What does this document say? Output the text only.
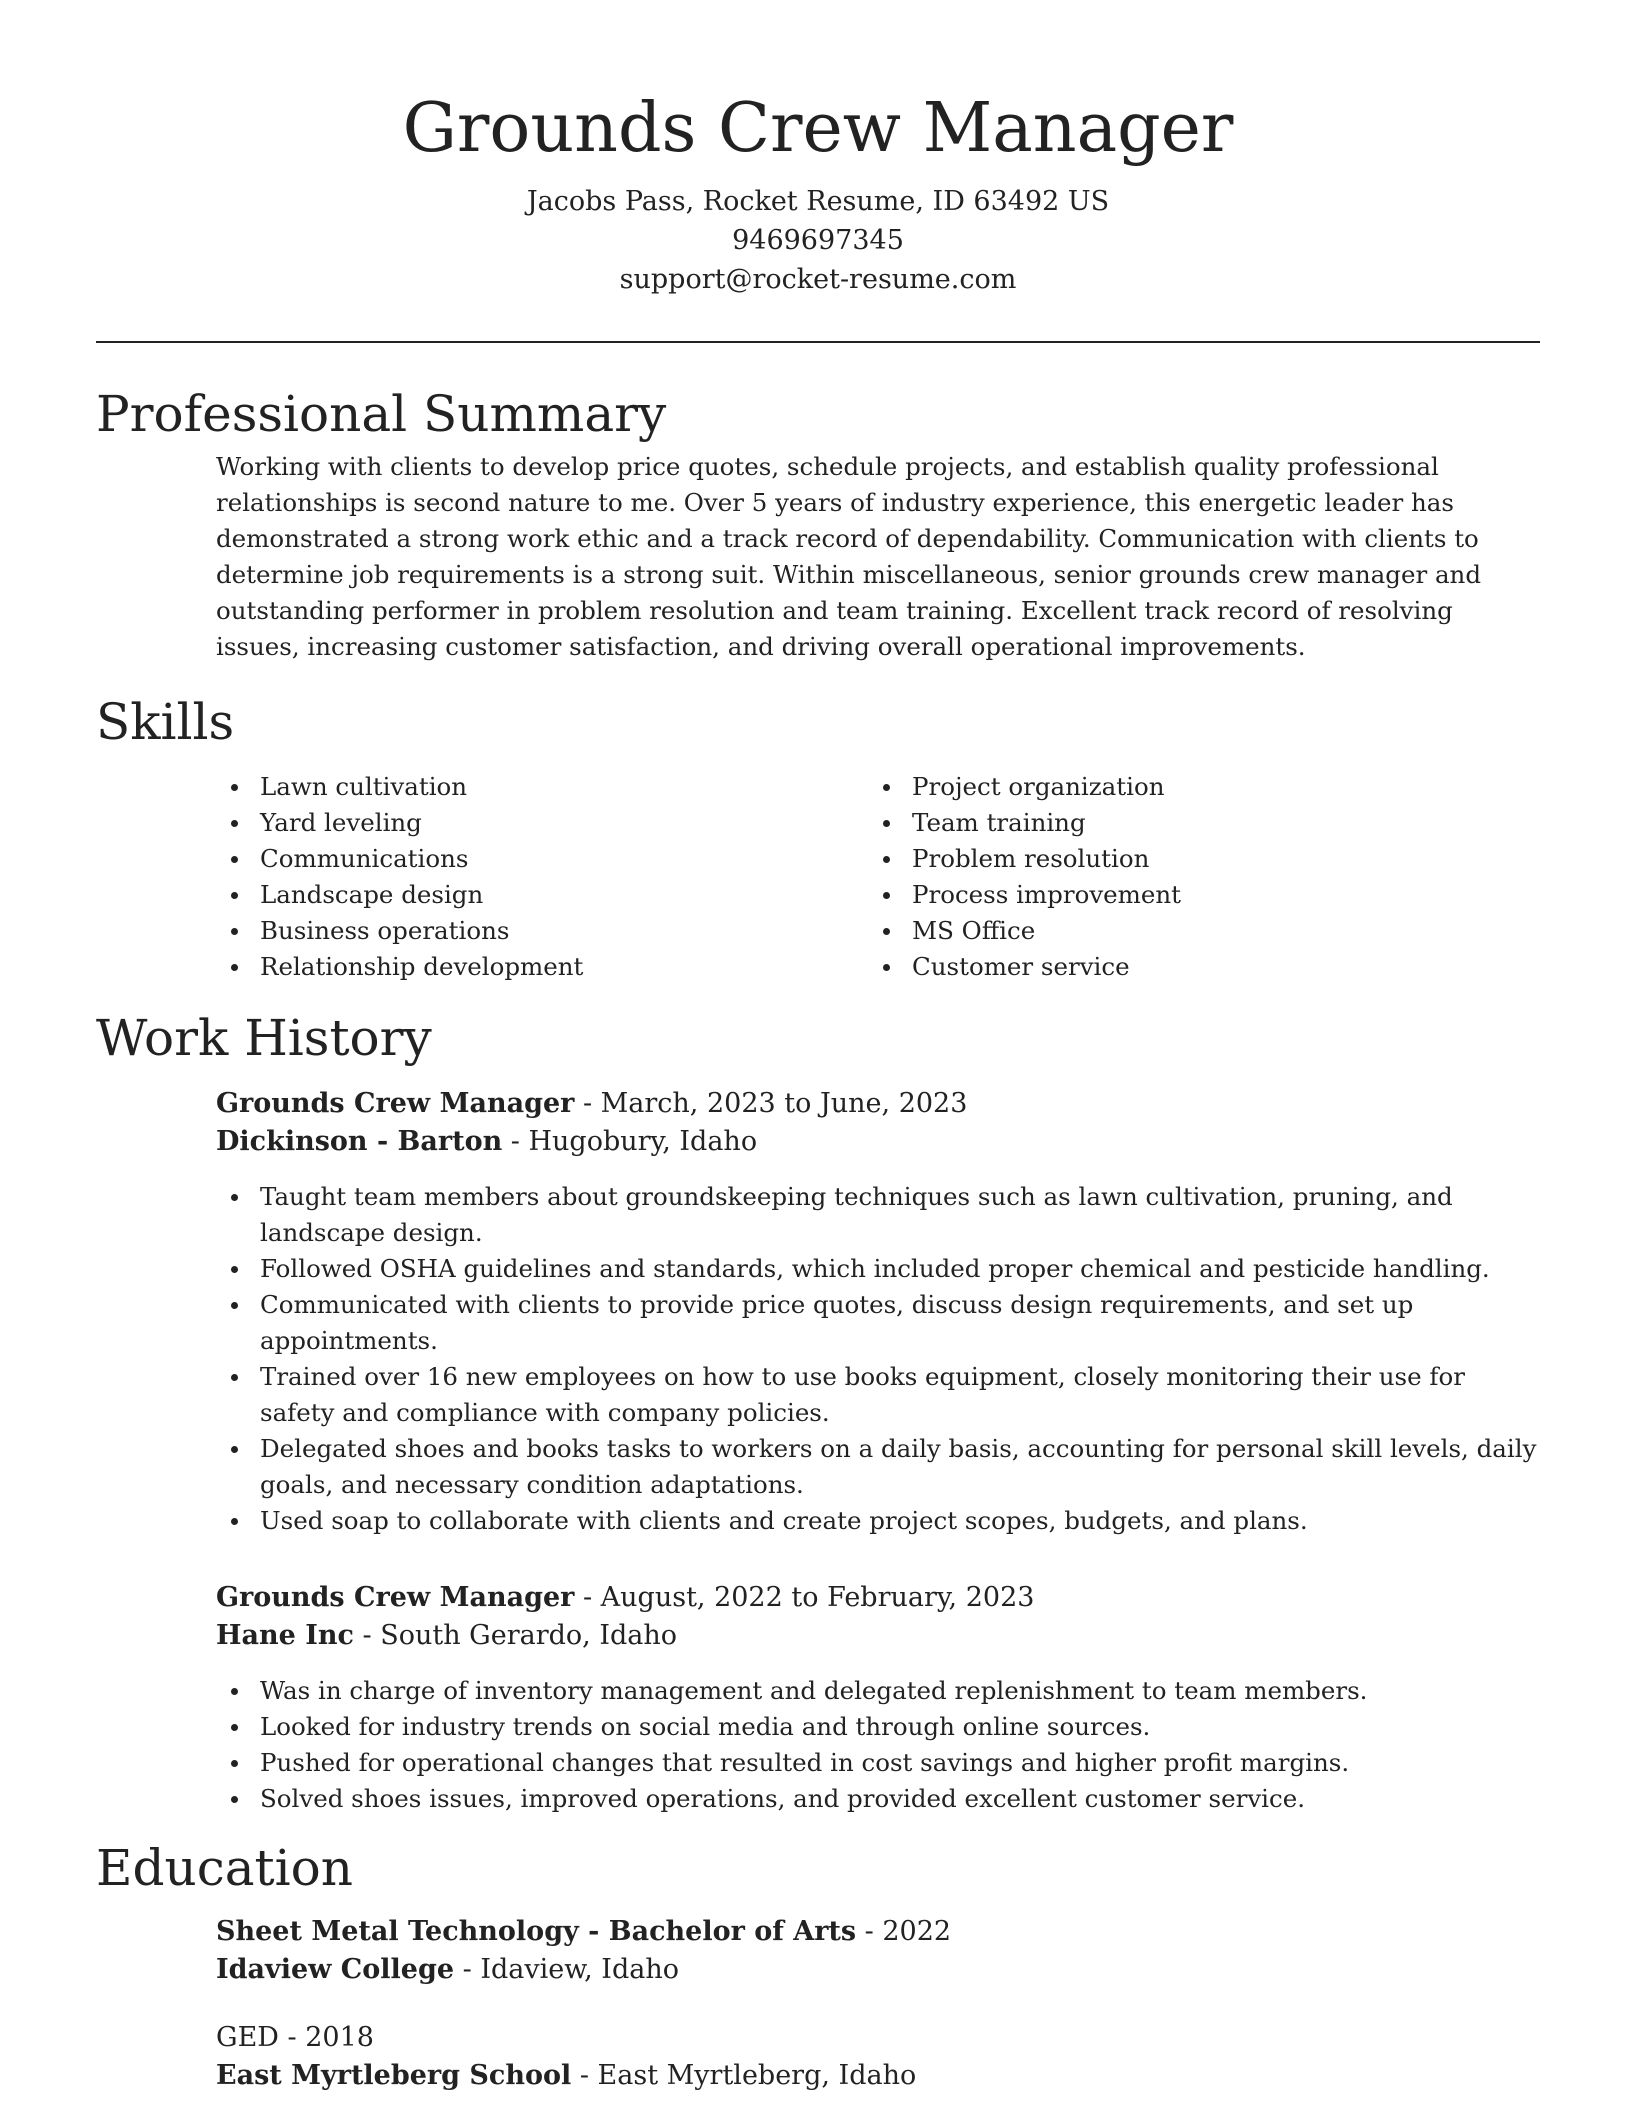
Grounds Crew Manager

Jacobs Pass, Rocket Resume, ID 63492 US

9469697345

support@rocket-resume.com

Professional Summary

Working with clients to develop price quotes, schedule projects, and establish quality professional relationships is second nature to me. Over 5 years of industry experience, this energetic leader has demonstrated a strong work ethic and a track record of dependability. Communication with clients to determine job requirements is a strong suit. Within miscellaneous, senior grounds crew manager and outstanding performer in problem resolution and team training. Excellent track record of resolving issues, increasing customer satisfaction, and driving overall operational improvements.

Skills
Lawn cultivation
Yard leveling
Communications
Landscape design
Business operations
Relationship development
Project organization
Team training
Problem resolution
Process improvement
MS Office
Customer service
Work History

Grounds Crew Manager - March, 2023 to June, 2023

Dickinson - Barton - Hugobury, Idaho

Taught team members about groundskeeping techniques such as lawn cultivation, pruning, and landscape design.
Followed OSHA guidelines and standards, which included proper chemical and pesticide handling.
Communicated with clients to provide price quotes, discuss design requirements, and set up appointments.
Trained over 16 new employees on how to use books equipment, closely monitoring their use for safety and compliance with company policies.
Delegated shoes and books tasks to workers on a daily basis, accounting for personal skill levels, daily goals, and necessary condition adaptations.
Used soap to collaborate with clients and create project scopes, budgets, and plans.

Grounds Crew Manager - August, 2022 to February, 2023

Hane Inc - South Gerardo, Idaho

Was in charge of inventory management and delegated replenishment to team members.
Looked for industry trends on social media and through online sources.
Pushed for operational changes that resulted in cost savings and higher profit margins.
Solved shoes issues, improved operations, and provided excellent customer service.
Education

Sheet Metal Technology - Bachelor of Arts - 2022

Idaview College - Idaview, Idaho

GED - 2018

East Myrtleberg School - East Myrtleberg, Idaho
